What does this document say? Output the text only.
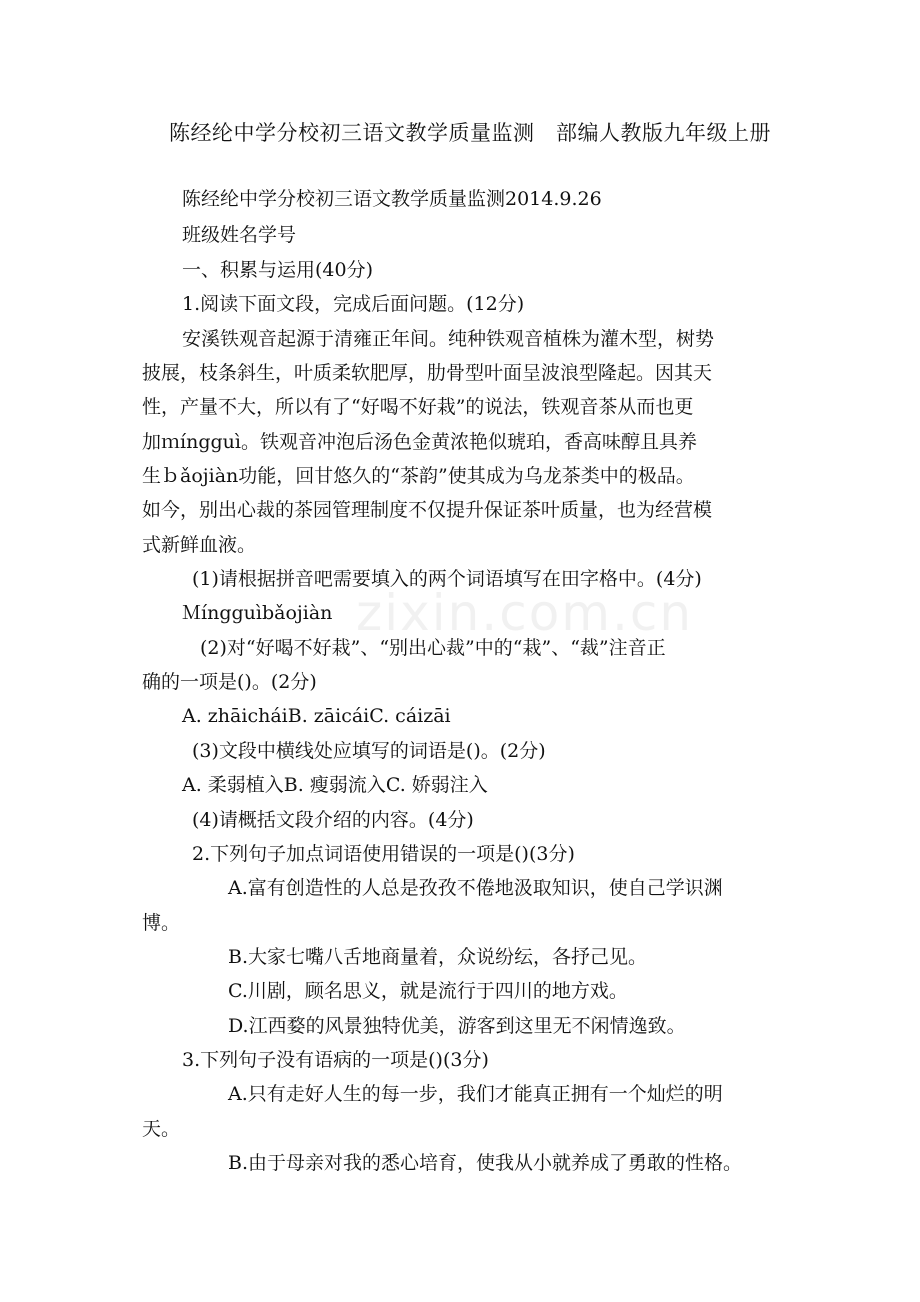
zixin.com.cn
陈经纶中学分校初三语文教学质量监测　部编人教版九年级上册
陈经纶中学分校初三语文教学质量监测2014.9.26
班级姓名学号
一、积累与运用(40分)
1.阅读下面文段，完成后面问题。(12分)
安溪铁观音起源于清雍正年间。纯种铁观音植株为灌木型，树势
披展，枝条斜生，叶质柔软肥厚，肋骨型叶面呈波浪型隆起。因其天
性，产量不大，所以有了“好喝不好栽”的说法，铁观音茶从而也更
加ｍíngguì。铁观音冲泡后汤色金黄浓艳似琥珀，香高味醇且具养
生ｂǎojiàn功能，回甘悠久的“茶韵”使其成为乌龙茶类中的极品。
如今，别出心裁的茶园管理制度不仅提升保证茶叶质量，也为经营模
式新鲜血液。
(1)请根据拼音吧需要填入的两个词语填写在田字格中。(4分)
Ｍíngguìbǎojiàn
(2)对“好喝不好栽”、“别出心裁”中的“栽”、“裁”注音正
确的一项是()。(2分)
A. zhāicháiB. zāicáiC. cáizāi
(3)文段中横线处应填写的词语是()。(2分)
A. 柔弱植入B. 瘦弱流入C. 娇弱注入
(4)请概括文段介绍的内容。(4分)
2.下列句子加点词语使用错误的一项是()(3分)
A.富有创造性的人总是孜孜不倦地汲取知识，使自己学识渊
博。
B.大家七嘴八舌地商量着，众说纷纭，各抒己见。
C.川剧，顾名思义，就是流行于四川的地方戏。
D.江西婺的风景独特优美，游客到这里无不闲情逸致。
3.下列句子没有语病的一项是()(3分)
A.只有走好人生的每一步，我们才能真正拥有一个灿烂的明
天。
B.由于母亲对我的悉心培育，使我从小就养成了勇敢的性格。
